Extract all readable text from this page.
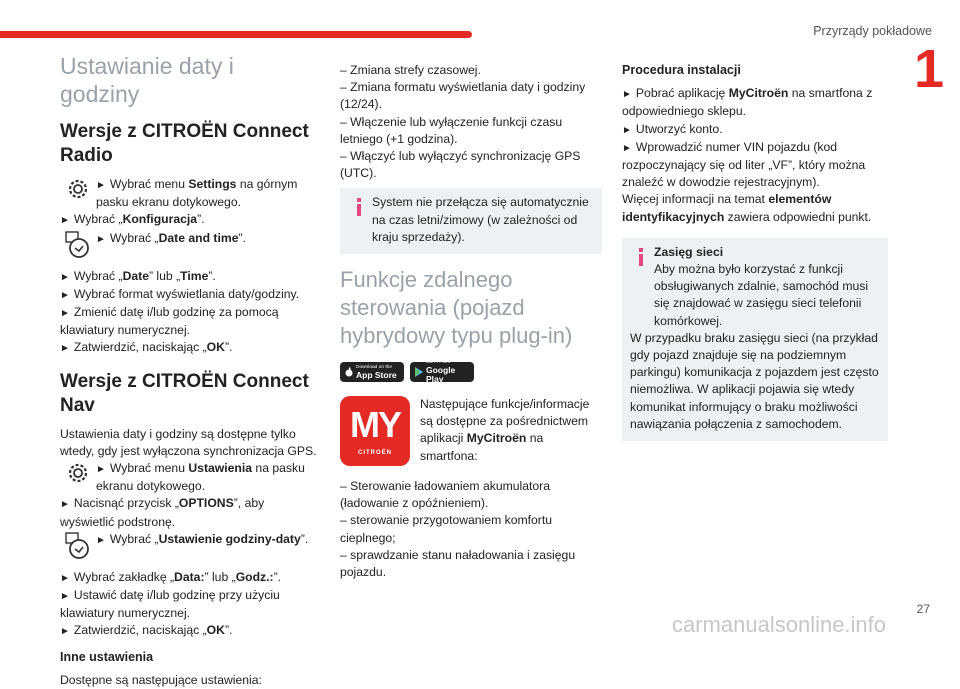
Przyrządy pokładowe
1
Ustawianie daty i godziny
Wersje z CITROËN Connect Radio

► Wybrać menu Settings na górnym pasku ekranu dotykowego.

► Wybrać „Konfiguracja”.

► Wybrać „Date and time”.

► Wybrać „Date” lub „Time”.

► Wybrać format wyświetlania daty/godziny.

► Zmienić datę i/lub godzinę za pomocą klawiatury numerycznej.

► Zatwierdzić, naciskając „OK”.

Wersje z CITROËN Connect Nav

Ustawienia daty i godziny są dostępne tylko wtedy, gdy jest wyłączona synchronizacja GPS.

► Wybrać menu Ustawienia na pasku ekranu dotykowego.

► Nacisnąć przycisk „OPTIONS”, aby wyświetlić podstronę.

► Wybrać „Ustawienie godziny-daty”.

► Wybrać zakładkę „Data:” lub „Godz.:”.

► Ustawić datę i/lub godzinę przy użyciu klawiatury numerycznej.

► Zatwierdzić, naciskając „OK”.

Inne ustawienia

Dostępne są następujące ustawienia:

– Zmiana strefy czasowej.

– Zmiana formatu wyświetlania daty i godziny (12/24).

– Włączenie lub wyłączenie funkcji czasu letniego (+1 godzina).

– Włączyć lub wyłączyć synchronizację GPS (UTC).

System nie przełącza się automatycznie na czas letni/zimowy (w zależności od kraju sprzedaży).
Funkcje zdalnego sterowania (pojazd hybrydowy typu plug-in)
Download on the
App Store
GET IT ON
Google Play
MY
CITROËN

Następujące funkcje/informacje są dostępne za pośrednictwem aplikacji MyCitroën na smartfona:

– Sterowanie ładowaniem akumulatora (ładowanie z opóźnieniem).

– sterowanie przygotowaniem komfortu cieplnego;

– sprawdzanie stanu naładowania i zasięgu pojazdu.

Procedura instalacji

► Pobrać aplikację MyCitroën na smartfona z odpowiedniego sklepu.

► Utworzyć konto.

► Wprowadzić numer VIN pojazdu (kod rozpoczynający się od liter „VF”, który można znaleźć w dowodzie rejestracyjnym).

Więcej informacji na temat elementów identyfikacyjnych zawiera odpowiedni punkt.

Zasięg sieci
Aby można było korzystać z funkcji obsługiwanych zdalnie, samochód musi się znajdować w zasięgu sieci telefonii komórkowej.
W przypadku braku zasięgu sieci (na przykład gdy pojazd znajduje się na podziemnym parkingu) komunikacja z pojazdem jest często niemożliwa. W aplikacji pojawia się wtedy komunikat informujący o braku możliwości nawiązania połączenia z samochodem.
27
carmanualsonline.info
